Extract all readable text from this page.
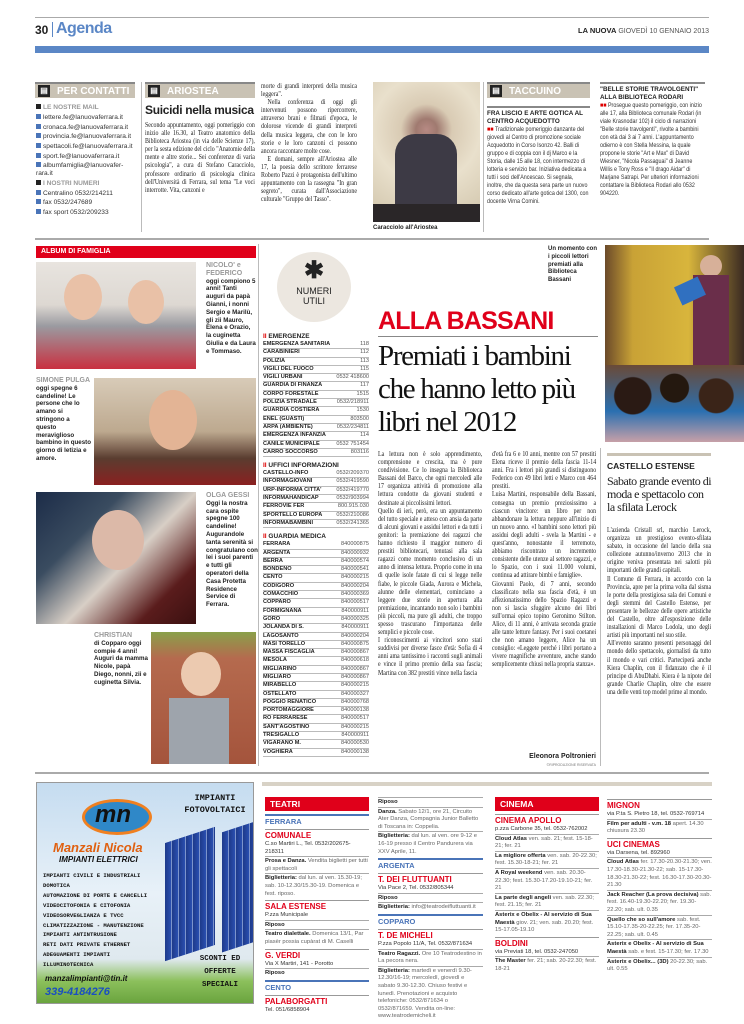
30 Agenda	LA NUOVA GIOVEDÌ 10 GENNAIO 2013
▤ PER CONTATTI
LE NOSTRE MAIL
lettere.fe@lanuovaferrara.it
cronaca.fe@lanuovaferrara.it
provincia.fe@lanuovaferrara.it
spettacoli.fe@lanuovaferrara.it
sport.fe@lanuovaferrara.it
albumfamiglia@lanuovafer-rara.it
I NOSTRI NUMERI
Centralino 0532/214211
fax 0532/247689
fax sport 0532/209233
▤ ARIOSTEA
Suicidi nella musica
Secondo appuntamento, oggi pomeriggio con inizio alle 16.30, al Teatro anatomico della Biblioteca Ariostea (in via delle Scienze 17), per la sesta edizione del ciclo "Anatomie della mente e altre storie... Sei conferenze di varia psicologia", a cura di Stefano Caracciolo, professore ordinario di psicologia clinica dell'Università di Ferrara, sul tema "Le voci interrotte. Vita, canzoni e
morte di grandi interpreti della musica leggera".
Nella conferenza di oggi gli intervenuti possono ripercorrere, attraverso brani e filmati d'epoca, le dolorose vicende di grandi interpreti della musica leggera, che con le loro storie e le loro canzoni ci possono ancora raccontare molte cose.
E domani, sempre all'Ariostea alle 17, la poesia dello scrittore ferrarese Roberto Pazzi è protagonista dell'ultimo appuntamento con la rassegna "In gran segreto", curata dall'Associazione culturale "Gruppo del Tasso".
Caracciolo all'Ariostea
▤ TACCUINO
FRA LISCIO E ARTE GOTICA AL CENTRO ACQUEDOTTO
■■ Tradizionale pomeriggio danzante del giovedì al Centro di promozione sociale Acquedotto in Corso Isonzo 42. Balli di gruppo e di coppia con il dj Marco e la Storia, dalle 15 alle 18, con intermezzo di lotteria e servizio bar. Iniziativa dedicata a tutti i soci dell'Ancescao. Si segnala, inoltre, che da questa sera parte un nuovo corso dedicato all'arte gotica del 1300, con docente Virna Comini.
"BELLE STORIE TRAVOLGENTI" ALLA BIBLIOTECA RODARI
■■ Prosegue questo pomeriggio, con inizio alle 17, alla Biblioteca comunale Rodari (in viale Krasnodar 102) il ciclo di narrazioni "Belle storie travolgenti", rivolte a bambini con età dai 3 ai 7 anni. L'appuntamento odierno è con Stella Messina, la quale propone le storie "Art e Max" di David Wiesner, "Nicola Passaguai" di Jeanne Willis e Tony Ross e "Il drago Aidar" di Marjane Satrapi. Per ulteriori informazioni contattare la Biblioteca Rodari allo 0532 904220.
ALBUM DI FAMIGLIA
NICOLO' e FEDERICO
oggi compiono 5 anni! Tanti auguri da papà Gianni, i nonni Sergio e Marilù, gli zii Mauro, Elena e Orazio, la cuginetta Giulia e da Laura e Tommaso.
SIMONE PULGA
oggi spegne 6 candeline! Le persone che lo amano si stringono a questo meraviglioso bambino in questo giorno di letizia e amore.
OLGA GESSI
Oggi la nostra cara ospite spegne 100 candeline! Augurandole tanta serenità si congratulano con lei i suoi parenti e tutti gli operatori della Casa Protetta Residence Service di Ferrara.
CHRISTIAN
di Copparo oggi compie 4 anni! Auguri da mamma Nicole, papà Diego, nonni, zii e cuginetta Silvia.
✱
NUMERI
UTILI
II EMERGENZE
EMERGENZA SANITARIA	118
CARABINIERI	112
POLIZIA	113
VIGILI DEL FUOCO	115
VIGILI URBANI	0532 418600
GUARDIA DI FINANZA	117
CORPO FORESTALE	1515
POLIZIA STRADALE	0532/218911
GUARDIA COSTIERA	1530
ENEL (GUASTI)	803500
ARPA (AMBIENTE)	0532/234811
EMERGENZA INFANZIA	114
CANILE MUNICIPALE	0532 751454
CARRO SOCCORSO	803116
II UFFICI INFORMAZIONI
CASTELLO-INFO	0532/209370
INFORMAGIOVANI	0532/419590
URP-INFORMA CITTA'	0532/419770
INFORMAHANDICAP	0532/903994
FERROVIE FER	800.915.030
SPORTELLO EUROPA	0532/210086
INFORMABAMBINI	0532/241365
II GUARDIA MEDICA
FERRARA	840000875
ARGENTA	840000932
BERRA	840000574
BONDENO	840000541
CENTO	840000215
CODIGORO	840000204
COMACCHIO	840000369
COPPARO	840000517
FORMIGNANA	840000911
GORO	840000325
JOLANDA DI S.	840000911
LAGOSANTO	840000204
MASI TORELLO	840000875
MASSA FISCAGLIA	840000867
MESOLA	840000618
MIGLIARINO	840000867
MIGLIARO	840000867
MIRABELLO	840000215
OSTELLATO	840000327
POGGIO RENATICO	840000768
PORTOMAGGIORE	840000138
RO FERRARESE	840000517
SANT'AGOSTINO	840000215
TRESIGALLO	840000911
VIGARANO M.	840000530
VOGHIERA	840000138
Un momento con i piccoli lettori premiati alla Biblioteca Bassani
ALLA BASSANI
Premiati i bambini che hanno letto più libri nel 2012
La lettura non è solo apprendimento, comprensione e crescita, ma è pure condivisione. Ce lo insegna la Biblioteca Bassani del Barco, che ogni mercoledì alle 17 organizza attività di promozione alla lettura condotte da giovani studenti e destinate ai piccolissimi lettori.
Quello di ieri, però, era un appuntamento del tutto speciale e atteso con ansia da parte di alcuni giovani e assidui lettori e da tutti i genitori: la premiazione dei ragazzi che hanno richiesto il maggior numero di prestiti bibliotecari, tenutasi alla sala ragazzi come momento conclusivo di un anno di intensa lettura. Proprio come in una di quelle isole fatate di cui si legge nelle fiabe, le piccole Giada, Aurora e Michela, alunne delle elementari, cominciano a leggere due storie in apertura alla premiazione, incantando non solo i bambini più piccoli, ma pure gli adulti, che troppo spesso trascurano l'importanza delle semplici e piccole cose.
I riconoscimenti ai vincitori sono stati suddivisi per diverse fasce d'età: Sofia di 4 anni ama tantissimo i racconti sugli animali e vince il primo premio della sua fascia; Martina con 382 prestiti vince nella fascia
d'età fra 6 e 10 anni, mentre con 57 prestiti Elena riceve il premio della fascia 11-14 anni. Fra i lettori più grandi si distinguono Federico con 49 libri letti e Marco con 464 prestiti.
Luisa Martini, responsabile della Bassani, consegna un premio preziosissimo a ciascun vincitore: un libro per non abbandonare la lettura neppure all'inizio di un nuovo anno. «I bambini sono lettori più assidui degli adulti - svela la Martini - e quest'anno, nonostante il terremoto, abbiamo riscontrato un incremento consistente delle utenze al settore ragazzi, e lo Spazio, con i suoi 11.000 volumi, continua ad attirare bimbi e famiglie».
Giovanni Paolo, di 7 anni, secondo classificato nella sua fascia d'età, è un affezionatissimo dello Spazio Ragazzi e non si lascia sfuggire alcuno dei libri sull'ormai epico topino Geronimo Stilton. Alice, di 11 anni, è arrivata seconda grazie alle tante letture fantasy. Per i suoi coetanei che non amano leggere, Alice ha un consiglio: «Leggete perché i libri portano a vivere magnifiche avventure, anche stando semplicemente chiusi nella propria stanza».
Eleonora Poltronieri
©RIPRODUZIONE RISERVATA
CASTELLO ESTENSE
Sabato grande evento di moda e spettacolo con la sfilata Lerock
L'azienda Cristall srl, marchio Lerock, organizza un prestigioso evento-sfilata sabato, in occasione del lancio della sua collezione autunno/inverno 2013 che in origine veniva presentata nei salotti più importanti delle grandi capitali.
Il Comune di Ferrara, in accordo con la Provincia, apre per la prima volta dal sisma le porte della prestigiosa sala dei Comuni e degli stemmi del Castello Estense, per presentare le bellezze delle opere artistiche del Castello, oltre all'esposizione delle installazioni di Marco Lodola, uno degli artisti più importanti nel suo stile.
All'evento saranno presenti personaggi del mondo dello spettacolo, giornalisti da tutto il mondo e vari critici. Parteciperà anche Kiera Chaplin, con il fidanzato che è il principe di AbuDhabi. Kiera è la nipote del grande Charlie Chaplin, oltre che essere una delle venti top model prime al mondo.
mn
Manzali Nicola
IMPIANTI ELETTRICI
IMPIANTI FOTOVOLTAICI
IMPIANTI CIVILI E INDUSTRIALI
DOMOTICA
AUTOMAZIONE DI PORTE E CANCELLI
VIDEOCITOFONIA E CITOFONIA
VIDEOSORVEGLIANZA E TVCC
CLIMATIZZAZIONE - MANUTENZIONE
IMPIANTI ANTINTRUSIONE
RETI DATI PRIVATE ETHERNET
ADEGUAMENTI IMPIANTI
ILLUMINOTECNICA
manzalimpianti@tin.it
339-4184276
SCONTI ED OFFERTE SPECIALI
TEATRI
FERRARA
COMUNALE
C.so Martiri L., Tel. 0532/202675-218311
Prosa e Danza. Vendita biglietti per tutti gli spettacoli
Biglietteria: dal lun. al ven. 15.30-19; sab. 10-12.30/15.30-19. Domenica e fest. riposo.
SALA ESTENSE
P.zza Municipale
Riposo
Teatro dialettale. Domenica 13/1, Par piasèr possia cupàrat di M. Caselli
G. VERDI
Via X Martiri, 141 - Porotto
Riposo
CENTO
PALABORGATTI
Tel. 051/6858904
Riposo
Danza. Sabato 12/1, ore 21, Circuito Ater Danza, Compagnia Junior Balletto di Toscana in: Coppelia.
Biglietteria: dal lun. al ven. ore 9-12 e 16-19 presso il Centro Pandurera via XXV Aprile, 11.
ARGENTA
T. DEI FLUTTUANTI
Via Pace 2, Tel. 0532/805344
Riposo
Biglietteria: info@teatrodeifluttuanti.it
COPPARO
T. DE MICHELI
P.zza Popolo 11/A, Tel. 0532/871634
Teatro Ragazzi. Ore 10 Teatrodestino in La pecora nera.
Biglietteria: martedì e venerdì 9.30-12.30/16-19; mercoledì, giovedì e sabato 9.30-12.30. Chiuso festivi e lunedì. Prenotazioni e acquisto telefoniche: 0532/871634 o 0532/871659. Vendita on-line: www.teatrodemicheli.it
CINEMA
CINEMA APOLLO
p.zza Carbone 35, tel. 0532-762002
Cloud Atlas ven. sab. 21; fest. 15-18-21; fer. 21
La migliore offerta ven. sab. 20-22.30; fest. 15.30-18-21; fer. 21
A Royal weekend ven. sab. 20.30-22.30; fest. 15.30-17.20-19.10-21; fer. 21
La parte degli angeli ven. sab. 22.30; fest. 21.15; fer. 21
Asterix e Obelix - Al servizio di Sua Maestà giov. 21; ven. sab. 20.20; fest. 15-17.05-19.10
BOLDINI
via Previati 18, tel. 0532-247050
The Master fer. 21; sab. 20-22.30; fest. 18-21
MIGNON
via P.ta S. Pietro 18, tel. 0532-769714
Film per adulti - v.m. 18 apert. 14.30 chiusura 23.30
UCI CINEMAS
via Darsena, tel. 892960
Cloud Atlas fer. 17.30-20.30-21.30; ven. 17.30-18.30-21.30-22; sab. 15-17.30-18.30-21.30-22; fest. 16.30-17.30-20.30-21.30
Jack Reacher (La prova decisiva) sab. fest. 16.40-19.30-22.20; fer. 19.30-22.20; sab. ult. 0.35
Quello che so sull'amore sab. fest. 15.10-17.35-20-22.25; fer. 17.35-20-22.25; sab. ult. 0.45
Asterix e Obelix - Al servizio di Sua Maestà sab. e fest. 15-17.30; fer. 17.30
Asterix e Obelix... (3D) 20-22.30; sab. ult. 0.55
